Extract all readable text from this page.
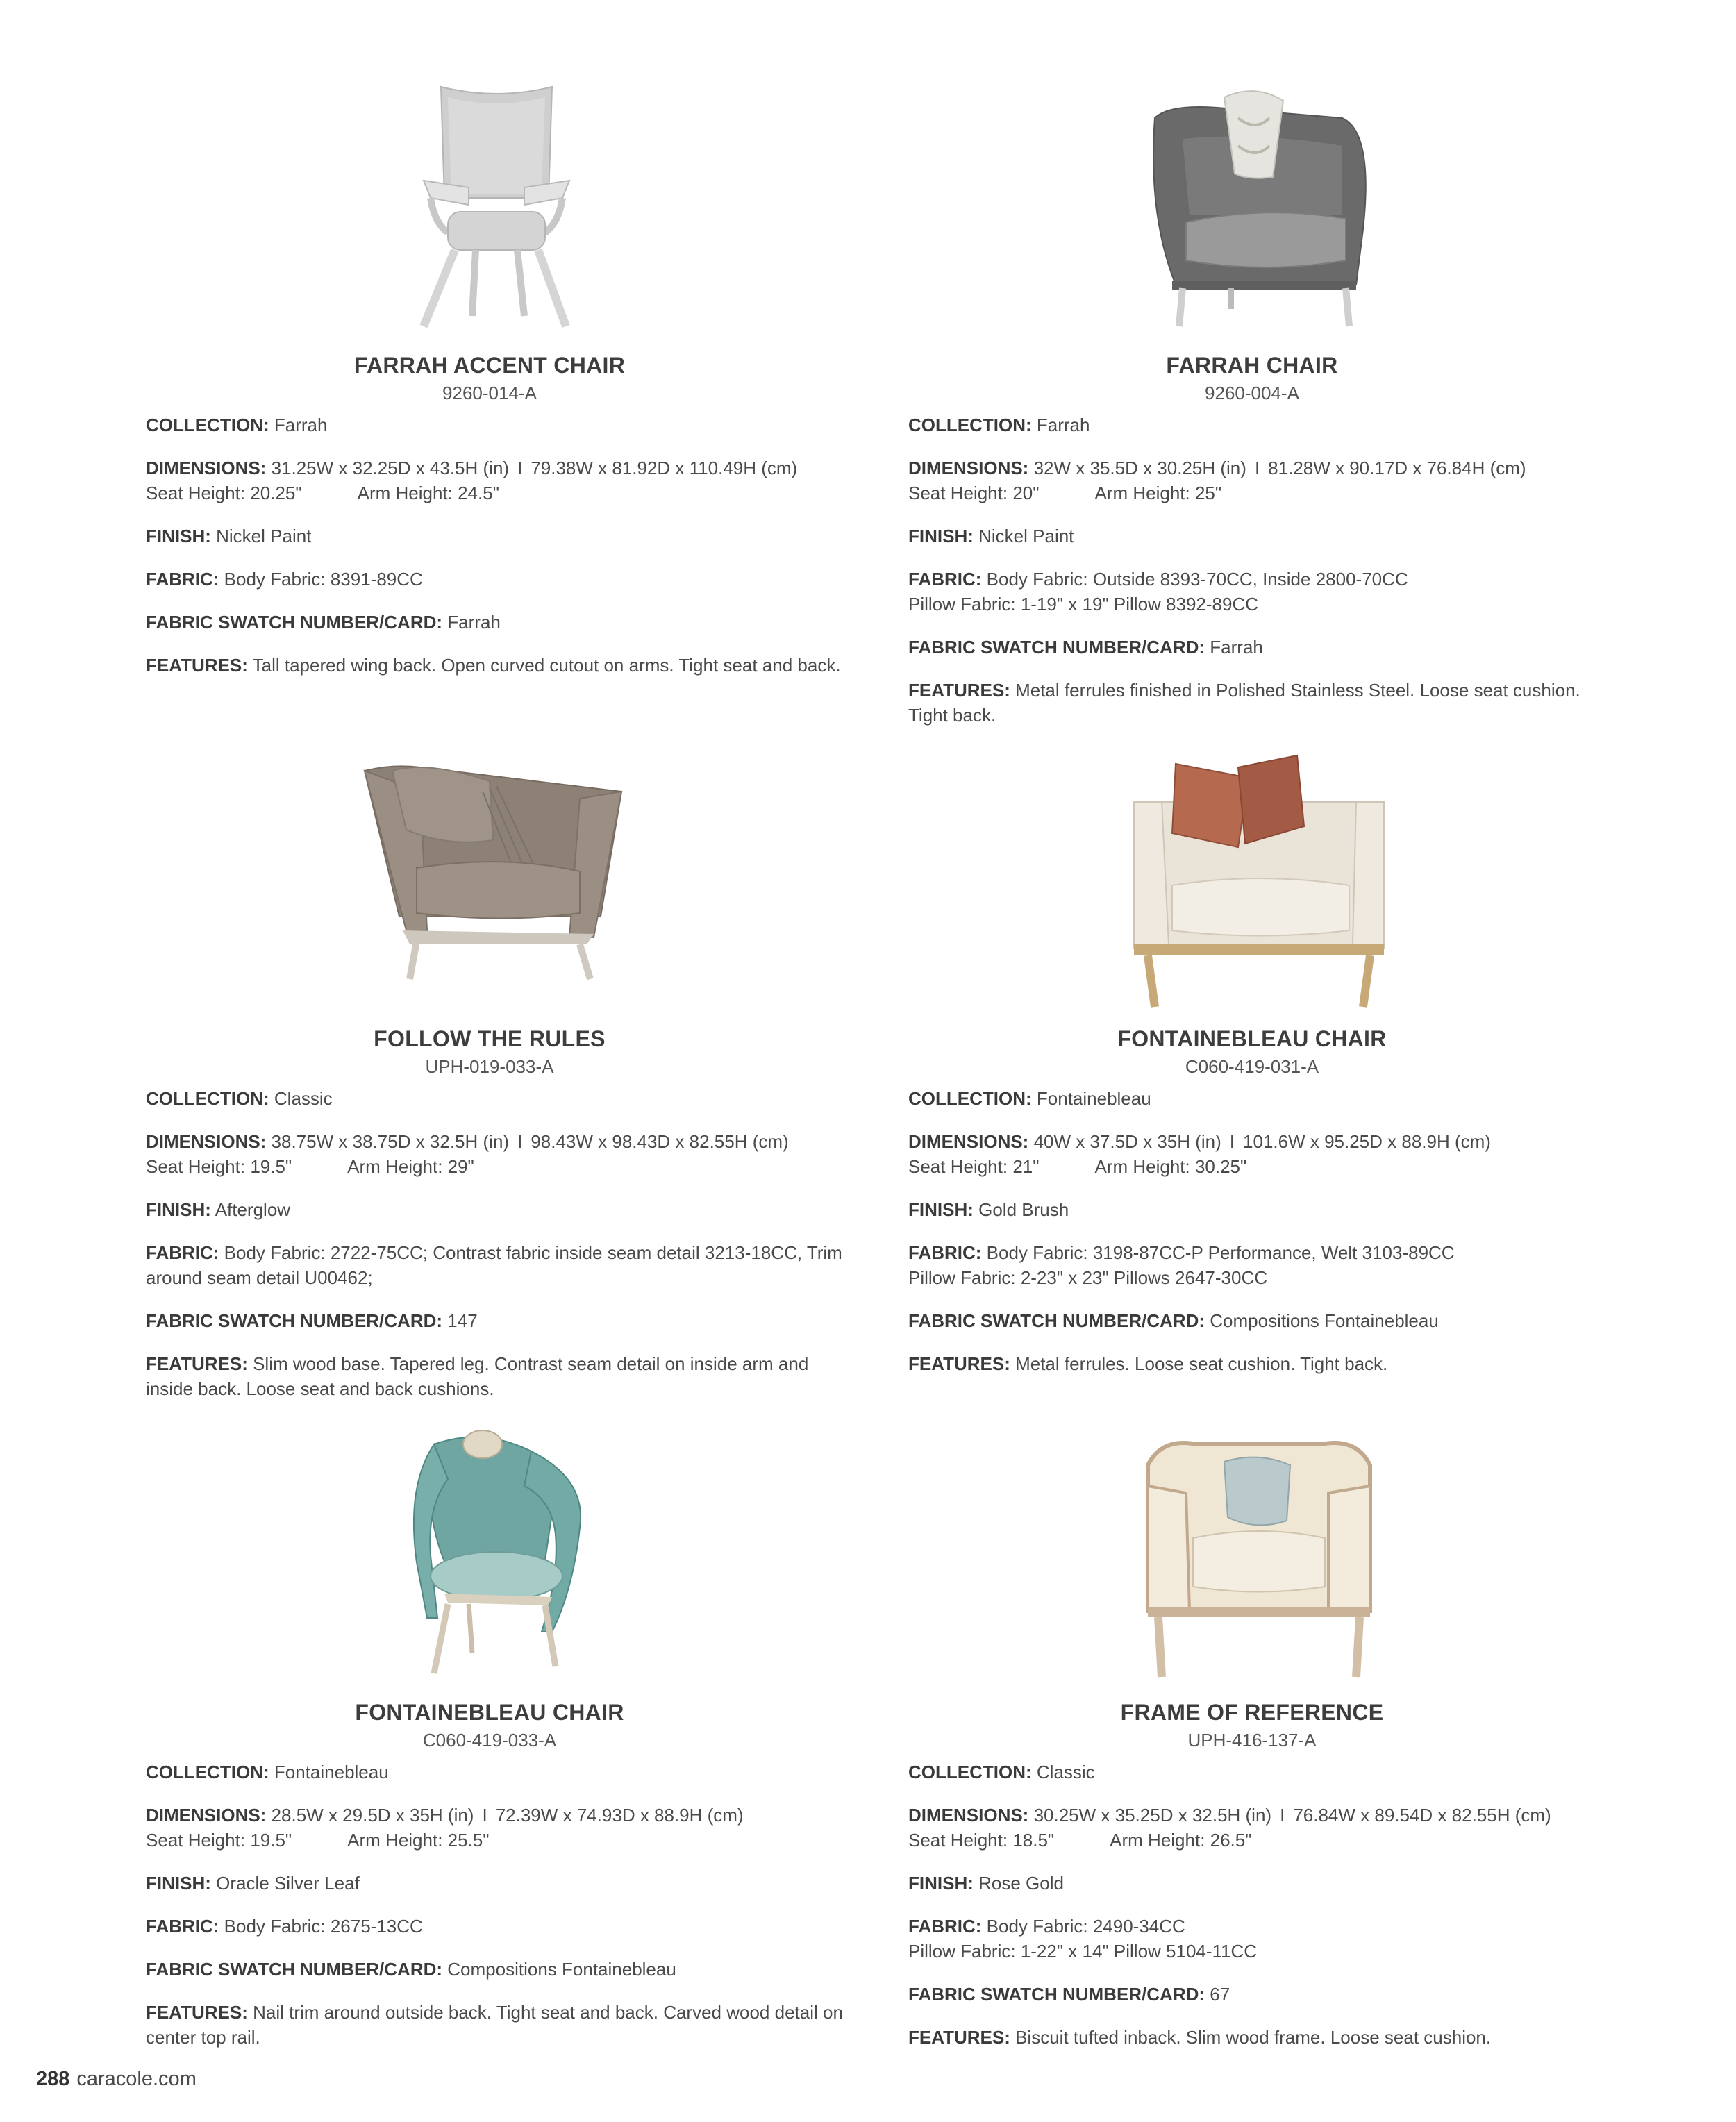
FARRAH ACCENT CHAIR
9260-014-A
COLLECTION: Farrah
DIMENSIONS: 31.25W x 32.25D x 43.5H (in) I 79.38W x 81.92D x 110.49H (cm)
Seat Height: 20.25"	Arm Height: 24.5"
FINISH: Nickel Paint
FABRIC: Body Fabric: 8391-89CC
FABRIC SWATCH NUMBER/CARD: Farrah
FEATURES: Tall tapered wing back. Open curved cutout on arms. Tight seat and back.
FARRAH CHAIR
9260-004-A
COLLECTION: Farrah
DIMENSIONS: 32W x 35.5D x 30.25H (in) I 81.28W x 90.17D x 76.84H (cm)
Seat Height: 20"	Arm Height: 25"
FINISH: Nickel Paint
FABRIC: Body Fabric: Outside 8393-70CC, Inside 2800-70CC
Pillow Fabric: 1-19" x 19" Pillow 8392-89CC
FABRIC SWATCH NUMBER/CARD: Farrah
FEATURES: Metal ferrules finished in Polished Stainless Steel. Loose seat cushion. Tight back.
FOLLOW THE RULES
UPH-019-033-A
COLLECTION: Classic
DIMENSIONS: 38.75W x 38.75D x 32.5H (in) I 98.43W x 98.43D x 82.55H (cm)
Seat Height: 19.5"	Arm Height: 29"
FINISH: Afterglow
FABRIC: Body Fabric: 2722-75CC; Contrast fabric inside seam detail 3213-18CC, Trim around seam detail U00462;
FABRIC SWATCH NUMBER/CARD: 147
FEATURES: Slim wood base. Tapered leg. Contrast seam detail on inside arm and inside back. Loose seat and back cushions.
FONTAINEBLEAU CHAIR
C060-419-031-A
COLLECTION: Fontainebleau
DIMENSIONS: 40W x 37.5D x 35H (in) I 101.6W x 95.25D x 88.9H (cm)
Seat Height: 21"	Arm Height: 30.25"
FINISH: Gold Brush
FABRIC: Body Fabric: 3198-87CC-P Performance, Welt 3103-89CC
Pillow Fabric: 2-23" x 23" Pillows 2647-30CC
FABRIC SWATCH NUMBER/CARD: Compositions Fontainebleau
FEATURES: Metal ferrules. Loose seat cushion. Tight back.
FONTAINEBLEAU CHAIR
C060-419-033-A
COLLECTION: Fontainebleau
DIMENSIONS: 28.5W x 29.5D x 35H (in) I 72.39W x 74.93D x 88.9H (cm)
Seat Height: 19.5"	Arm Height: 25.5"
FINISH: Oracle Silver Leaf
FABRIC: Body Fabric: 2675-13CC
FABRIC SWATCH NUMBER/CARD: Compositions Fontainebleau
FEATURES: Nail trim around outside back. Tight seat and back. Carved wood detail on center top rail.
FRAME OF REFERENCE
UPH-416-137-A
COLLECTION: Classic
DIMENSIONS: 30.25W x 35.25D x 32.5H (in) I 76.84W x 89.54D x 82.55H (cm)
Seat Height: 18.5"	Arm Height: 26.5"
FINISH: Rose Gold
FABRIC: Body Fabric: 2490-34CC
Pillow Fabric: 1-22" x 14" Pillow 5104-11CC
FABRIC SWATCH NUMBER/CARD: 67
FEATURES: Biscuit tufted inback. Slim wood frame. Loose seat cushion.
288 caracole.com
